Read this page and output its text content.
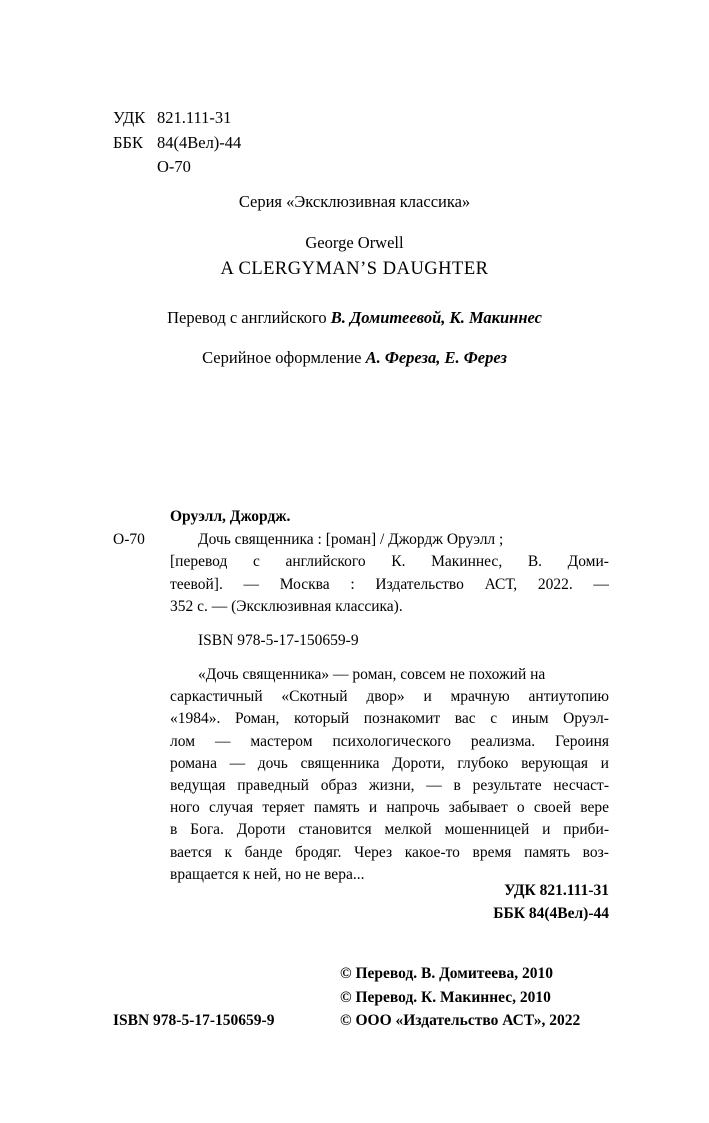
УДК 821.111-31
ББК 84(4Вел)-44
О-70
Серия «Эксклюзивная классика»
George Orwell
A CLERGYMAN’S DAUGHTER
Перевод с английского В. Домитеевой, К. Макиннес
Серийное оформление А. Фереза, Е. Ферез
Оруэлл, Джордж.
О-70	Дочь священника : [роман] / Джордж Оруэлл ;
[перевод с английского К. Макиннес, В. Доми-
теевой]. — Москва : Издательство АСТ, 2022. —
352 с. — (Эксклюзивная классика).
ISBN 978-5-17-150659-9
«Дочь священника» — роман, совсем не похожий на
саркастичный «Скотный двор» и мрачную антиутопию
«1984». Роман, который познакомит вас с иным Оруэл-
лом — мастером психологического реализма. Героиня
романа — дочь священника Дороти, глубоко верующая и
ведущая праведный образ жизни, — в результате несчаст-
ного случая теряет память и напрочь забывает о своей вере
в Бога. Дороти становится мелкой мошенницей и приби-
вается к банде бродяг. Через какое-то время память воз-
вращается к ней, но не вера...
УДК 821.111-31
ББК 84(4Вел)-44
© Перевод. В. Домитеева, 2010
© Перевод. К. Макиннес, 2010
ISBN 978-5-17-150659-9	© ООО «Издательство АСТ», 2022
